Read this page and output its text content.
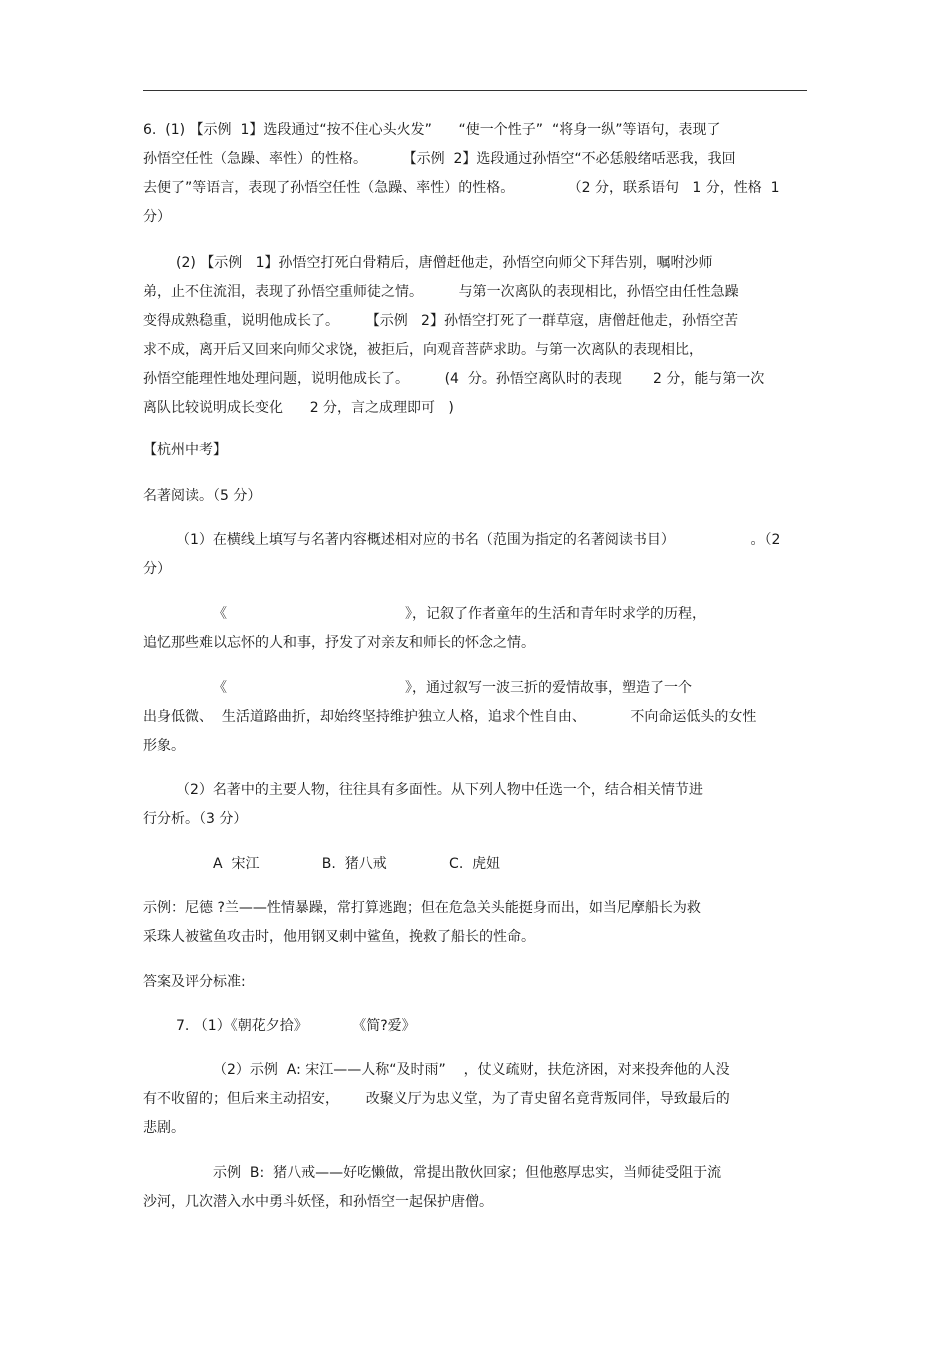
6.  (1) 【示例  1】选段通过“按不住心头火发”      “使一个性子”  “将身一纵”等语句，表现了
孙悟空任性（急躁、率性）的性格。        【示例  2】选段通过孙悟空“不必恁般绪咶恶我，我回
去便了”等语言，表现了孙悟空任性（急躁、率性）的性格。            （2 分，联系语句   1 分，性格  1
分）
(2) 【示例   1】孙悟空打死白骨精后，唐僧赶他走，孙悟空向师父下拜告别，嘱咐沙师
弟，止不住流泪，表现了孙悟空重师徒之情。        与第一次离队的表现相比，孙悟空由任性急躁
变得成熟稳重，说明他成长了。      【示例   2】孙悟空打死了一群草寇，唐僧赶他走，孙悟空苦
求不成，离开后又回来向师父求饶，被拒后，向观音菩萨求助。与第一次离队的表现相比，
孙悟空能理性地处理问题，说明他成长了。        (4  分。孙悟空离队时的表现       2 分，能与第一次
离队比较说明成长变化      2 分，言之成理即可   )
【杭州中考】
名著阅读。（5 分）
（1）在横线上填写与名著内容概述相对应的书名（范围为指定的名著阅读书目）                 。（2
分）
《                                        》，记叙了作者童年的生活和青年时求学的历程，
追忆那些难以忘怀的人和事，抒发了对亲友和师长的怀念之情。
《                                        》，通过叙写一波三折的爱情故事，塑造了一个
出身低微、  生活道路曲折，却始终坚持维护独立人格，追求个性自由、          不向命运低头的女性
形象。
（2）名著中的主要人物，往往具有多面性。从下列人物中任选一个，结合相关情节进
行分析。（3 分）
A  宋江              B.  猪八戒              C.  虎妞
示例：尼德 ?兰——性情暴躁，常打算逃跑；但在危急关头能挺身而出，如当尼摩船长为救
采珠人被鲨鱼攻击时，他用钢叉刺中鲨鱼，挽救了船长的性命。
答案及评分标准:
7. （1）《朝花夕拾》          《简?爱》
（2）示例  A: 宋江——人称“及时雨”    ，仗义疏财，扶危济困，对来投奔他的人没
有不收留的；但后来主动招安，      改聚义厅为忠义堂，为了青史留名竟背叛同伴，导致最后的
悲剧。
示例  B:  猪八戒——好吃懒做，常提出散伙回家；但他憨厚忠实，当师徒受阻于流
沙河，几次潜入水中勇斗妖怪，和孙悟空一起保护唐僧。
